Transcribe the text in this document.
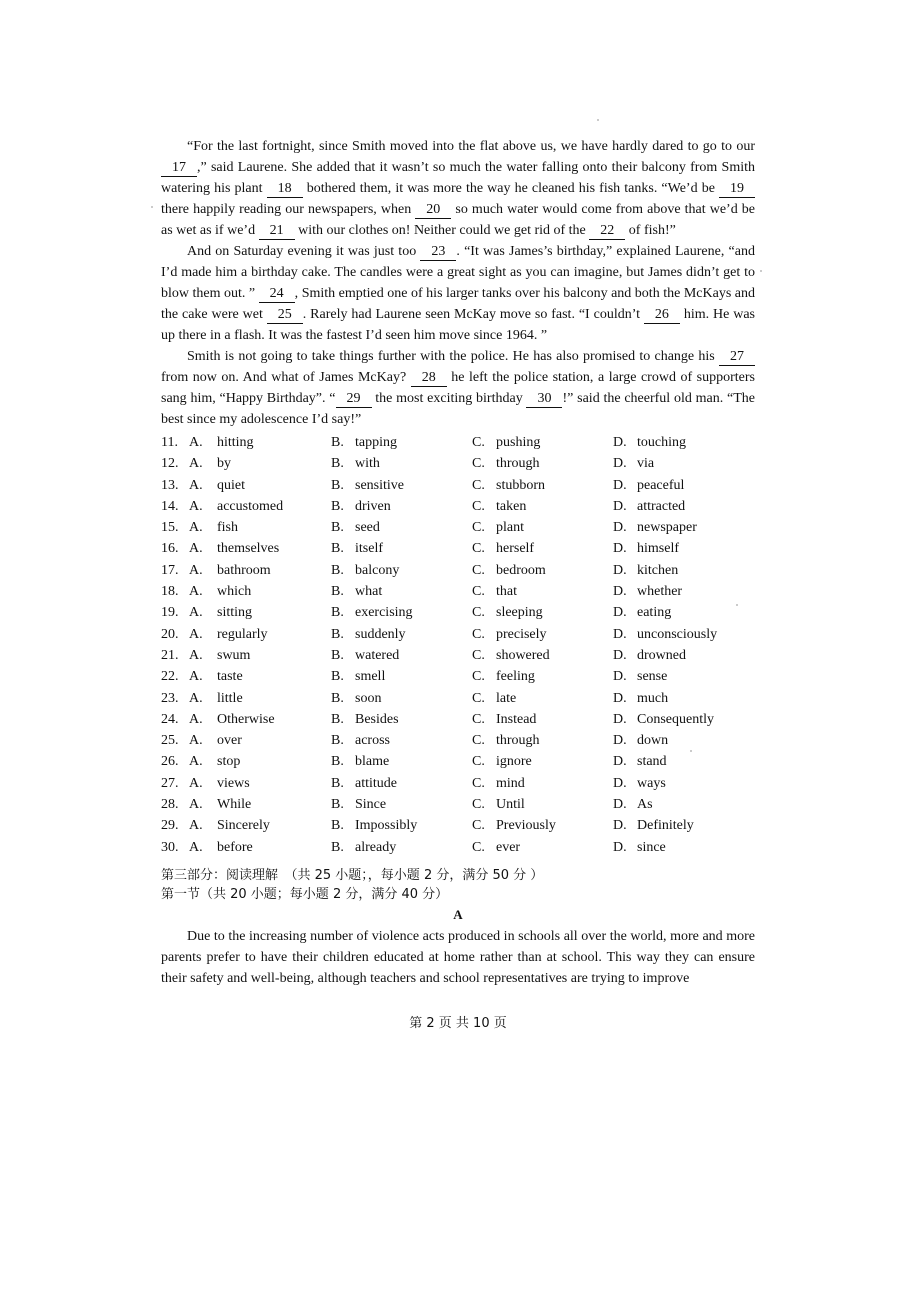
“For the last fortnight, since Smith moved into the flat above us, we have hardly dared to go to our 17 ,” said Laurene. She added that it wasn’t so much the water falling onto their balcony from Smith watering his plant 18 bothered them, it was more the way he cleaned his fish tanks. “We’d be 19 there happily reading our newspapers, when 20 so much water would come from above that we’d be as wet as if we’d 21 with our clothes on! Neither could we get rid of the 22 of fish!”

And on Saturday evening it was just too 23 . “It was James’s birthday,” explained Laurene, “and I’d made him a birthday cake. The candles were a great sight as you can imagine, but James didn’t get to blow them out. ” 24 , Smith emptied one of his larger tanks over his balcony and both the McKays and the cake were wet 25 . Rarely had Laurene seen McKay move so fast. “I couldn’t 26 him. He was up there in a flash. It was the fastest I’d seen him move since 1964. ”

Smith is not going to take things further with the police. He has also promised to change his 27 from now on. And what of James McKay? 28 he left the police station, a large crowd of supporters sang him, “Happy Birthday”. “ 29 the most exciting birthday 30 !” said the cheerful old man. “The best since my adolescence I’d say!”

11. A.	hitting	B. tapping	C. pushing	D. touching
12. A.	by	B. with	C. through	D. via
13. A.	quiet	B. sensitive	C. stubborn	D. peaceful
14. A.	accustomed	B. driven	C. taken	D. attracted
15. A.	fish	B. seed	C. plant	D. newspaper
16. A.	themselves	B. itself	C. herself	D. himself
17. A.	bathroom	B. balcony	C. bedroom	D. kitchen
18. A.	which	B. what	C. that	D. whether
19. A.	sitting	B. exercising	C. sleeping	D. eating
20. A.	regularly	B. suddenly	C. precisely	D. unconsciously
21. A.	swum	B. watered	C. showered	D. drowned
22. A.	taste	B. smell	C. feeling	D. sense
23. A.	little	B. soon	C. late	D. much
24. A.	Otherwise	B. Besides	C. Instead	D. Consequently
25. A.	over	B. across	C. through	D. down
26. A.	stop	B. blame	C. ignore	D. stand
27. A.	views	B. attitude	C. mind	D. ways
28. A.	While	B. Since	C. Until	D. As
29. A.	Sincerely	B. Impossibly	C. Previously	D. Definitely
30. A.	before	B. already	C. ever	D. since
第三部分：阅读理解　（共 25 小题；，每小题 2 分，满分 50 分 ）
第一节（共 20 小题；每小题 2 分，满分 40 分）
A

Due to the increasing number of violence acts produced in schools all over the world, more and more parents prefer to have their children educated at home rather than at school. This way they can ensure their safety and well-being, although teachers and school representatives are trying to improve

第 2 页 共 10 页
